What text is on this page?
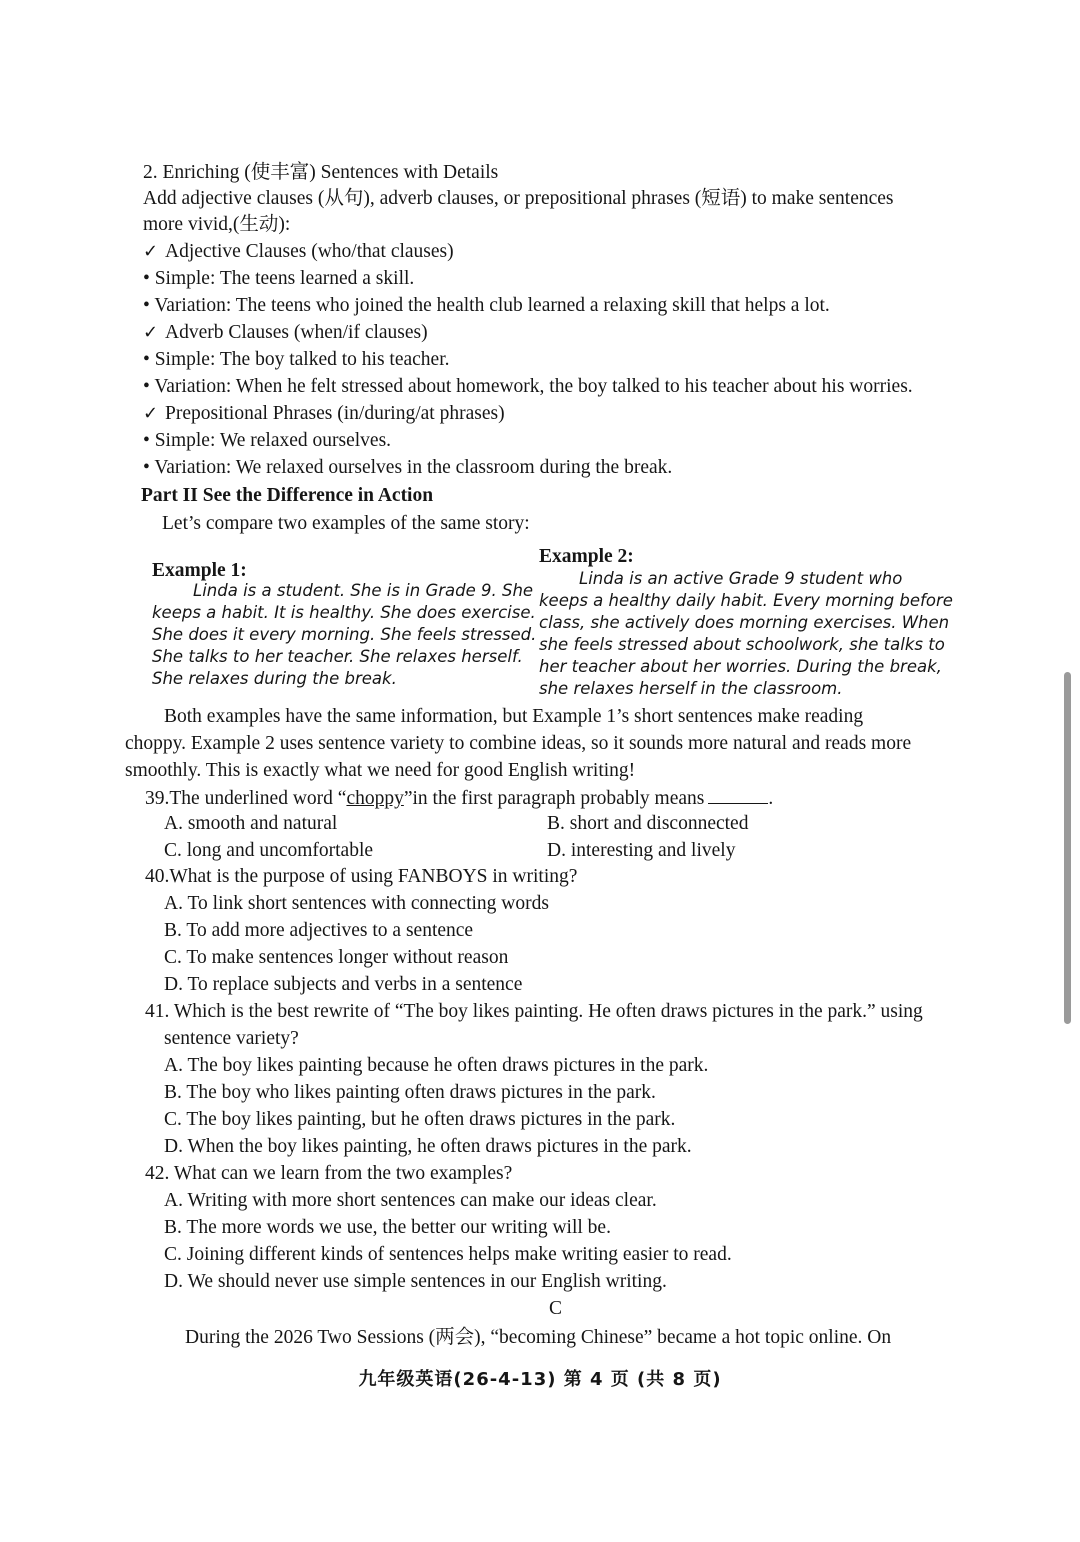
2. Enriching (使丰富) Sentences with Details
Add adjective clauses (从句), adverb clauses, or prepositional phrases (短语) to make sentences
more vivid,(生动):
✓ Adjective Clauses (who/that clauses)
• Simple: The teens learned a skill.
• Variation: The teens who joined the health club learned a relaxing skill that helps a lot.
✓ Adverb Clauses (when/if clauses)
• Simple: The boy talked to his teacher.
• Variation: When he felt stressed about homework, the boy talked to his teacher about his worries.
✓ Prepositional Phrases (in/during/at phrases)
• Simple: We relaxed ourselves.
• Variation: We relaxed ourselves in the classroom during the break.
Part II See the Difference in Action
Let’s compare two examples of the same story:
Example 1:
Linda is a student. She is in Grade 9. She
keeps a habit. It is healthy. She does exercise.
She does it every morning. She feels stressed.
She talks to her teacher. She relaxes herself.
She relaxes during the break.
Example 2:
Linda is an active Grade 9 student who
keeps a healthy daily habit. Every morning before
class, she actively does morning exercises. When
she feels stressed about schoolwork, she talks to
her teacher about her worries. During the break,
she relaxes herself in the classroom.
Both examples have the same information, but Example 1’s short sentences make reading
choppy. Example 2 uses sentence variety to combine ideas, so it sounds more natural and reads more
smoothly. This is exactly what we need for good English writing!
39.The underlined word “choppy”in the first paragraph probably means	.
A. smooth and natural	B. short and disconnected
C. long and uncomfortable	D. interesting and lively
40.What is the purpose of using FANBOYS in writing?
A. To link short sentences with connecting words
B. To add more adjectives to a sentence
C. To make sentences longer without reason
D. To replace subjects and verbs in a sentence
41. Which is the best rewrite of “The boy likes painting. He often draws pictures in the park.” using
sentence variety?
A. The boy likes painting because he often draws pictures in the park.
B. The boy who likes painting often draws pictures in the park.
C. The boy likes painting, but he often draws pictures in the park.
D. When the boy likes painting, he often draws pictures in the park.
42. What can we learn from the two examples?
A. Writing with more short sentences can make our ideas clear.
B. The more words we use, the better our writing will be.
C. Joining different kinds of sentences helps make writing easier to read.
D. We should never use simple sentences in our English writing.
C
During the 2026 Two Sessions (两会), “becoming Chinese” became a hot topic online. On
九年级英语(26-4-13) 第 4 页 (共 8 页)
